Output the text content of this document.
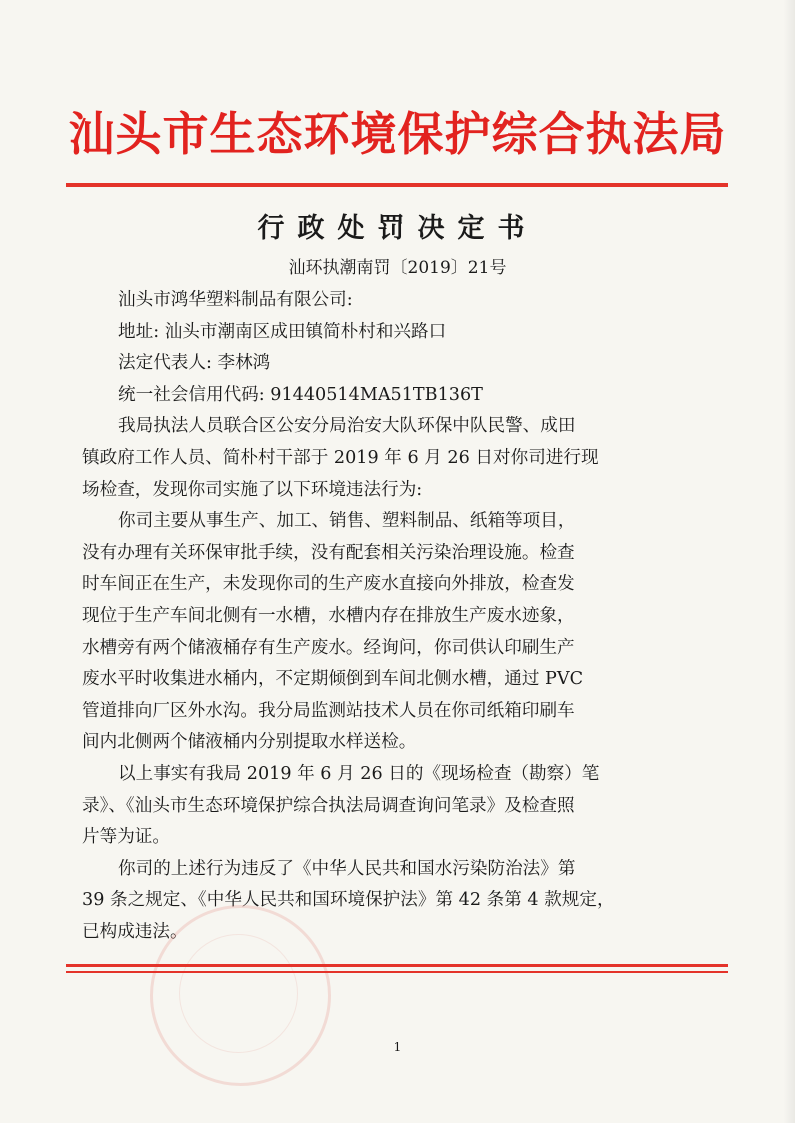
汕头市生态环境保护综合执法局
行政处罚决定书
汕环执潮南罚〔2019〕21号
汕头市鸿华塑料制品有限公司:
地址: 汕头市潮南区成田镇简朴村和兴路口
法定代表人: 李林鸿
统一社会信用代码: 91440514MA51TB136T
我局执法人员联合区公安分局治安大队环保中队民警、成田
镇政府工作人员、简朴村干部于 2019 年 6 月 26 日对你司进行现
场检查，发现你司实施了以下环境违法行为:
你司主要从事生产、加工、销售、塑料制品、纸箱等项目，
没有办理有关环保审批手续，没有配套相关污染治理设施。检查
时车间正在生产，未发现你司的生产废水直接向外排放，检查发
现位于生产车间北侧有一水槽，水槽内存在排放生产废水迹象，
水槽旁有两个储液桶存有生产废水。经询问，你司供认印刷生产
废水平时收集进水桶内，不定期倾倒到车间北侧水槽，通过 PVC
管道排向厂区外水沟。我分局监测站技术人员在你司纸箱印刷车
间内北侧两个储液桶内分别提取水样送检。
以上事实有我局 2019 年 6 月 26 日的《现场检查（勘察）笔
录》、《汕头市生态环境保护综合执法局调查询问笔录》及检查照
片等为证。
你司的上述行为违反了《中华人民共和国水污染防治法》第
39 条之规定、《中华人民共和国环境保护法》第 42 条第 4 款规定，
已构成违法。
1
